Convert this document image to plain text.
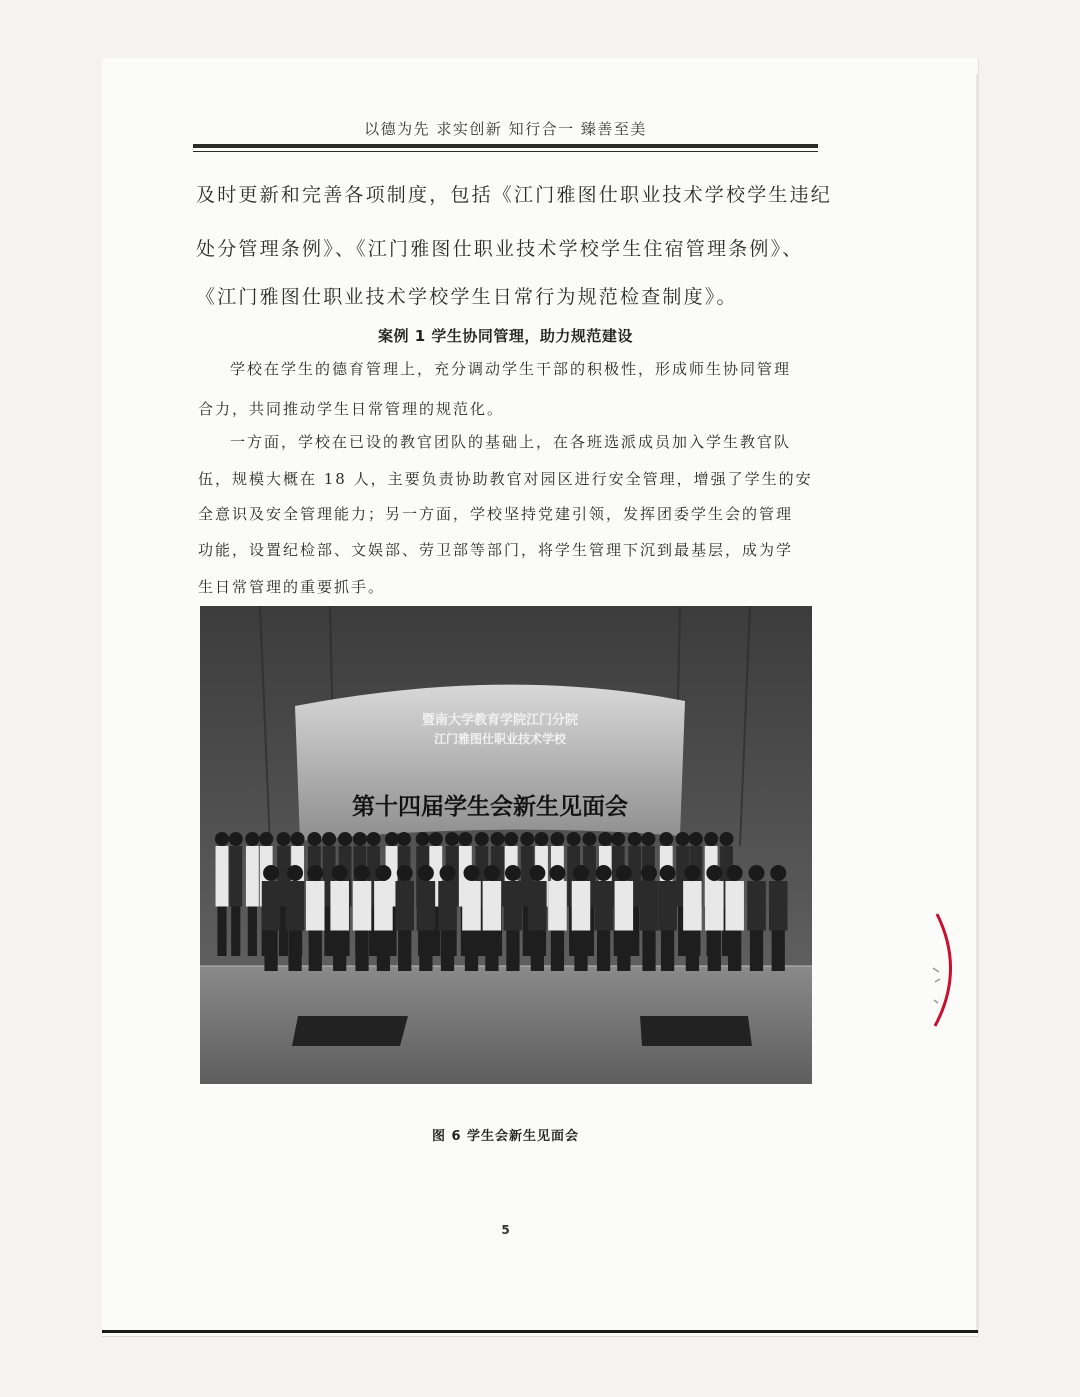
以德为先 求实创新 知行合一 臻善至美
及时更新和完善各项制度，包括《江门雅图仕职业技术学校学生违纪
处分管理条例》、《江门雅图仕职业技术学校学生住宿管理条例》、
《江门雅图仕职业技术学校学生日常行为规范检查制度》。
案例 1 学生协同管理，助力规范建设
学校在学生的德育管理上，充分调动学生干部的积极性，形成师生协同管理
合力，共同推动学生日常管理的规范化。
一方面，学校在已设的教官团队的基础上，在各班选派成员加入学生教官队
伍，规模大概在 18 人，主要负责协助教官对园区进行安全管理，增强了学生的安
全意识及安全管理能力；另一方面，学校坚持党建引领，发挥团委学生会的管理
功能，设置纪检部、文娱部、劳卫部等部门，将学生管理下沉到最基层，成为学
生日常管理的重要抓手。
暨南大学教育学院江门分院
江门雅图仕职业技术学校
第十四届学生会新生见面会
图 6 学生会新生见面会
5
